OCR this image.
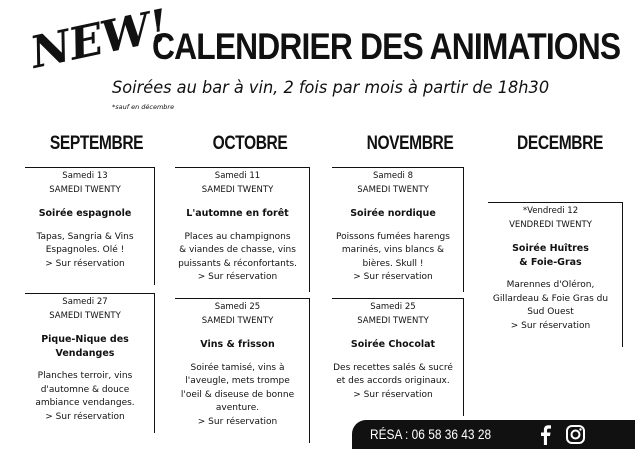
NEW!
CALENDRIER DES ANIMATIONS
Soirées au bar à vin, 2 fois par mois à partir de 18h30
*sauf en décembre
SEPTEMBRE	OCTOBRE	NOVEMBRE	DECEMBRE
Samedi 13
SAMEDI TWENTY
Soirée espagnole
Tapas, Sangria & Vins
Espagnoles. Olé !
> Sur réservation
Samedi 27
SAMEDI TWENTY
Pique-Nique des
Vendanges
Planches terroir, vins
d'automne & douce
ambiance vendanges.
> Sur réservation
Samedi 11
SAMEDI TWENTY
L'automne en forêt
Places au champignons
& viandes de chasse, vins
puissants & réconfortants.
> Sur réservation
Samedi 25
SAMEDI TWENTY
Vins & frisson
Soirée tamisé, vins à
l'aveugle, mets trompe
l'oeil & diseuse de bonne
aventure.
> Sur réservation
Samedi 8
SAMEDI TWENTY
Soirée nordique
Poissons fumées harengs
marinés, vins blancs &
bières. Skull !
> Sur réservation
Samedi 25
SAMEDI TWENTY
Soirée Chocolat
Des recettes salés & sucré
et des accords originaux.
> Sur réservation
*Vendredi 12
VENDREDI TWENTY
Soirée Huîtres
& Foie-Gras
Marennes d'Oléron,
Gillardeau & Foie Gras du
Sud Ouest
> Sur réservation
RÉSA : 06 58 36 43 28
